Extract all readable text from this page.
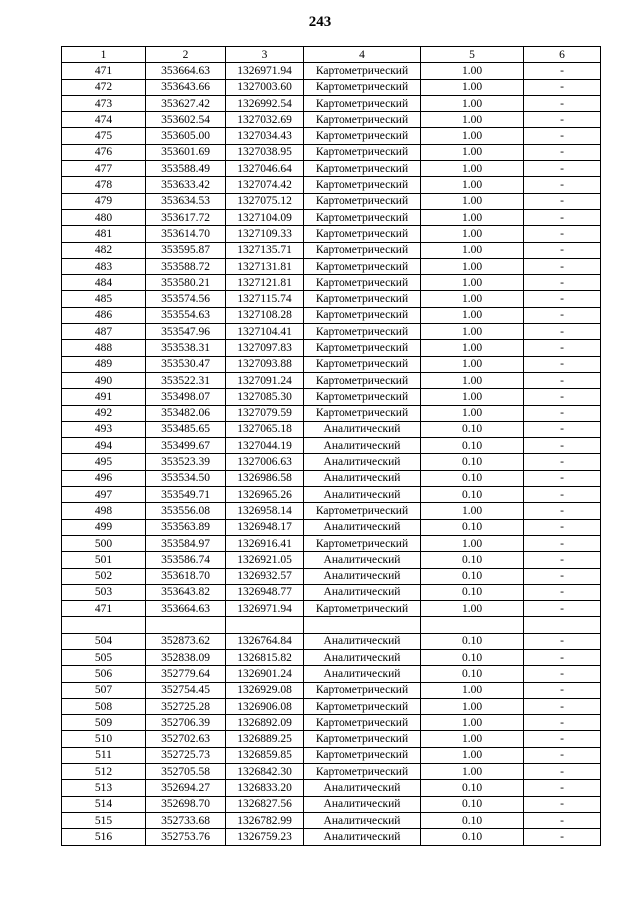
243
1	2	3	4	5	6
471	353664.63	1326971.94	Картометрический	1.00	-
472	353643.66	1327003.60	Картометрический	1.00	-
473	353627.42	1326992.54	Картометрический	1.00	-
474	353602.54	1327032.69	Картометрический	1.00	-
475	353605.00	1327034.43	Картометрический	1.00	-
476	353601.69	1327038.95	Картометрический	1.00	-
477	353588.49	1327046.64	Картометрический	1.00	-
478	353633.42	1327074.42	Картометрический	1.00	-
479	353634.53	1327075.12	Картометрический	1.00	-
480	353617.72	1327104.09	Картометрический	1.00	-
481	353614.70	1327109.33	Картометрический	1.00	-
482	353595.87	1327135.71	Картометрический	1.00	-
483	353588.72	1327131.81	Картометрический	1.00	-
484	353580.21	1327121.81	Картометрический	1.00	-
485	353574.56	1327115.74	Картометрический	1.00	-
486	353554.63	1327108.28	Картометрический	1.00	-
487	353547.96	1327104.41	Картометрический	1.00	-
488	353538.31	1327097.83	Картометрический	1.00	-
489	353530.47	1327093.88	Картометрический	1.00	-
490	353522.31	1327091.24	Картометрический	1.00	-
491	353498.07	1327085.30	Картометрический	1.00	-
492	353482.06	1327079.59	Картометрический	1.00	-
493	353485.65	1327065.18	Аналитический	0.10	-
494	353499.67	1327044.19	Аналитический	0.10	-
495	353523.39	1327006.63	Аналитический	0.10	-
496	353534.50	1326986.58	Аналитический	0.10	-
497	353549.71	1326965.26	Аналитический	0.10	-
498	353556.08	1326958.14	Картометрический	1.00	-
499	353563.89	1326948.17	Аналитический	0.10	-
500	353584.97	1326916.41	Картометрический	1.00	-
501	353586.74	1326921.05	Аналитический	0.10	-
502	353618.70	1326932.57	Аналитический	0.10	-
503	353643.82	1326948.77	Аналитический	0.10	-
471	353664.63	1326971.94	Картометрический	1.00	-

504	352873.62	1326764.84	Аналитический	0.10	-
505	352838.09	1326815.82	Аналитический	0.10	-
506	352779.64	1326901.24	Аналитический	0.10	-
507	352754.45	1326929.08	Картометрический	1.00	-
508	352725.28	1326906.08	Картометрический	1.00	-
509	352706.39	1326892.09	Картометрический	1.00	-
510	352702.63	1326889.25	Картометрический	1.00	-
511	352725.73	1326859.85	Картометрический	1.00	-
512	352705.58	1326842.30	Картометрический	1.00	-
513	352694.27	1326833.20	Аналитический	0.10	-
514	352698.70	1326827.56	Аналитический	0.10	-
515	352733.68	1326782.99	Аналитический	0.10	-
516	352753.76	1326759.23	Аналитический	0.10	-
